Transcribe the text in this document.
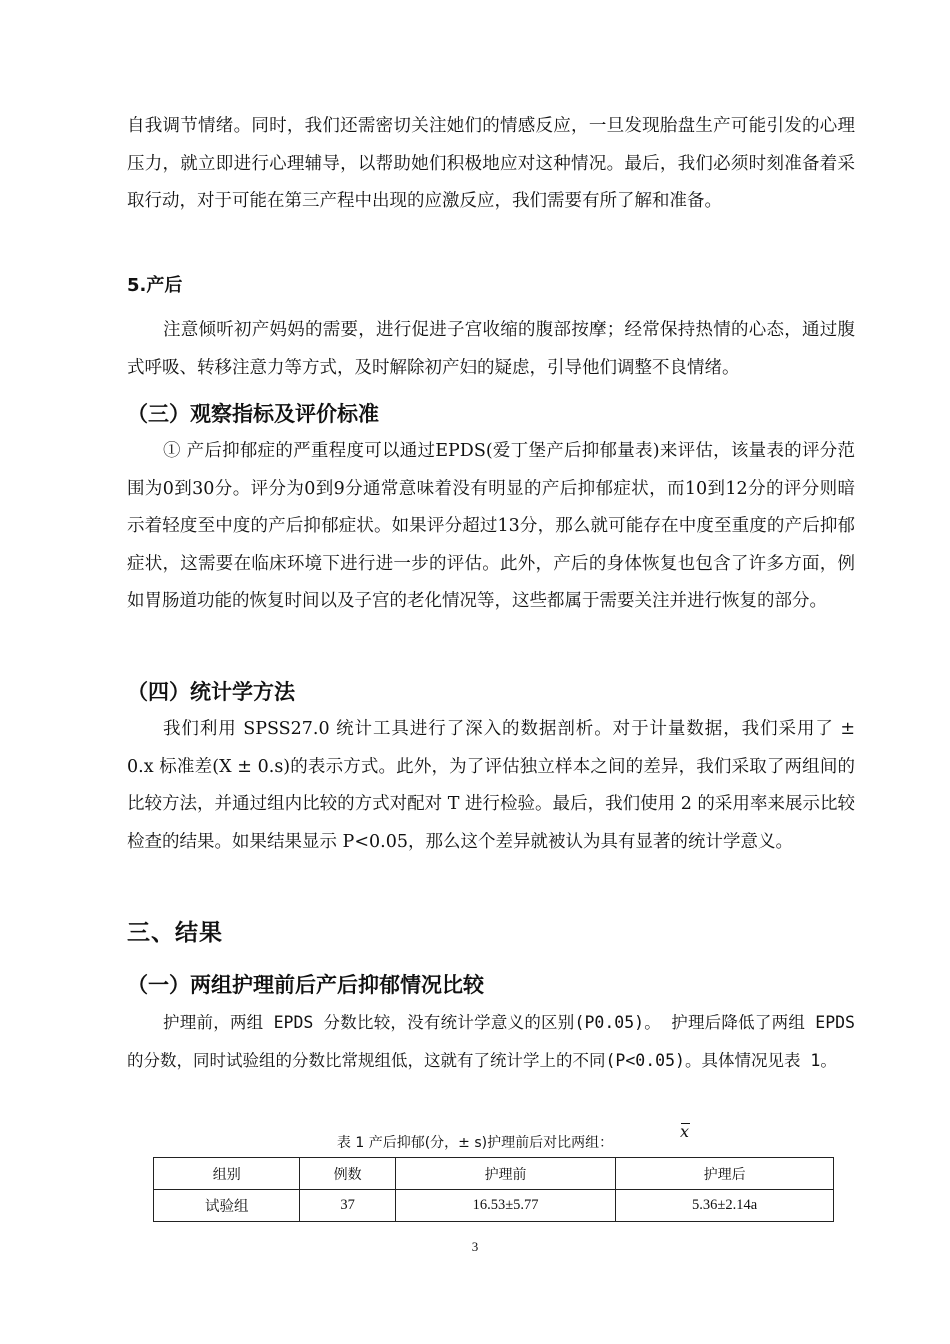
自我调节情绪。同时，我们还需密切关注她们的情感反应，一旦发现胎盘生产可能引发的心理压力，就立即进行心理辅导，以帮助她们积极地应对这种情况。最后，我们必须时刻准备着采取行动，对于可能在第三产程中出现的应激反应，我们需要有所了解和准备。

5.产后

注意倾听初产妈妈的需要，进行促进子宫收缩的腹部按摩；经常保持热情的心态，通过腹式呼吸、转移注意力等方式，及时解除初产妇的疑虑，引导他们调整不良情绪。

（三）观察指标及评价标准

① 产后抑郁症的严重程度可以通过EPDS(爱丁堡产后抑郁量表)来评估，该量表的评分范围为0到30分。评分为0到9分通常意味着没有明显的产后抑郁症状，而10到12分的评分则暗示着轻度至中度的产后抑郁症状。如果评分超过13分，那么就可能存在中度至重度的产后抑郁症状，这需要在临床环境下进行进一步的评估。此外，产后的身体恢复也包含了许多方面，例如胃肠道功能的恢复时间以及子宫的老化情况等，这些都属于需要关注并进行恢复的部分。

（四）统计学方法

我们利用 SPSS27.0 统计工具进行了深入的数据剖析。对于计量数据，我们采用了 ± 0.x 标准差(X ± 0.s)的表示方式。此外，为了评估独立样本之间的差异，我们采取了两组间的比较方法，并通过组内比较的方式对配对 T 进行检验。最后，我们使用 2 的采用率来展示比较检查的结果。如果结果显示 P<0.05，那么这个差异就被认为具有显著的统计学意义。

三、结果
（一）两组护理前后产后抑郁情况比较

护理前，两组 EPDS 分数比较，没有统计学意义的区别(P0.05)。 护理后降低了两组 EPDS 的分数，同时试验组的分数比常规组低，这就有了统计学上的不同(P<0.05)。具体情况见表 1。

表 1 产后抑郁(分，± s)护理前后对比两组：
x
组别	例数	护理前	护理后
试验组	37	16.53±5.77	5.36±2.14a
3
